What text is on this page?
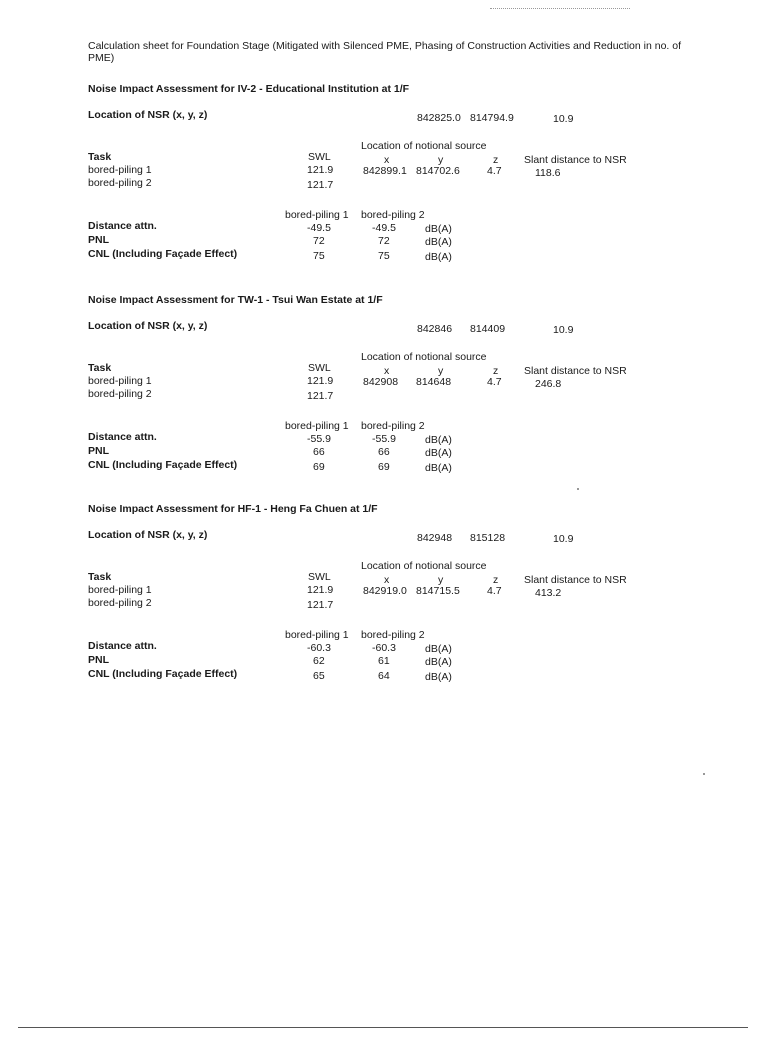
Calculation sheet for Foundation Stage (Mitigated with Silenced PME, Phasing of Construction Activities and Reduction in no. of PME)
Noise Impact Assessment for IV-2 - Educational Institution at 1/F
Location of NSR (x, y, z)	842825.0 814794.9	10.9
Location of notional source
Task	SWL	x	y	z Slant distance to NSR
bored-piling 1	121.9	842899.1 814702.6	4.7	118.6
bored-piling 2	121.7
bored-piling 1 bored-piling 2
Distance attn.	-49.5	-49.5	dB(A)
PNL	72	72	dB(A)
CNL (Including Façade Effect)	75	75	dB(A)
Noise Impact Assessment for TW-1 - Tsui Wan Estate at 1/F
Location of NSR (x, y, z)	842846 814409	10.9
Location of notional source
Task	SWL	x	y	z Slant distance to NSR
bored-piling 1	121.9	842908 814648	4.7	246.8
bored-piling 2	121.7
bored-piling 1 bored-piling 2
Distance attn.	-55.9	-55.9	dB(A)
PNL	66	66	dB(A)
CNL (Including Façade Effect)	69	69	dB(A)
Noise Impact Assessment for HF-1 - Heng Fa Chuen at 1/F
Location of NSR (x, y, z)	842948 815128	10.9
Location of notional source
Task	SWL	x	y	z Slant distance to NSR
bored-piling 1	121.9	842919.0 814715.5	4.7	413.2
bored-piling 2	121.7
bored-piling 1 bored-piling 2
Distance attn.	-60.3	-60.3	dB(A)
PNL	62	61	dB(A)
CNL (Including Façade Effect)	65	64	dB(A)
